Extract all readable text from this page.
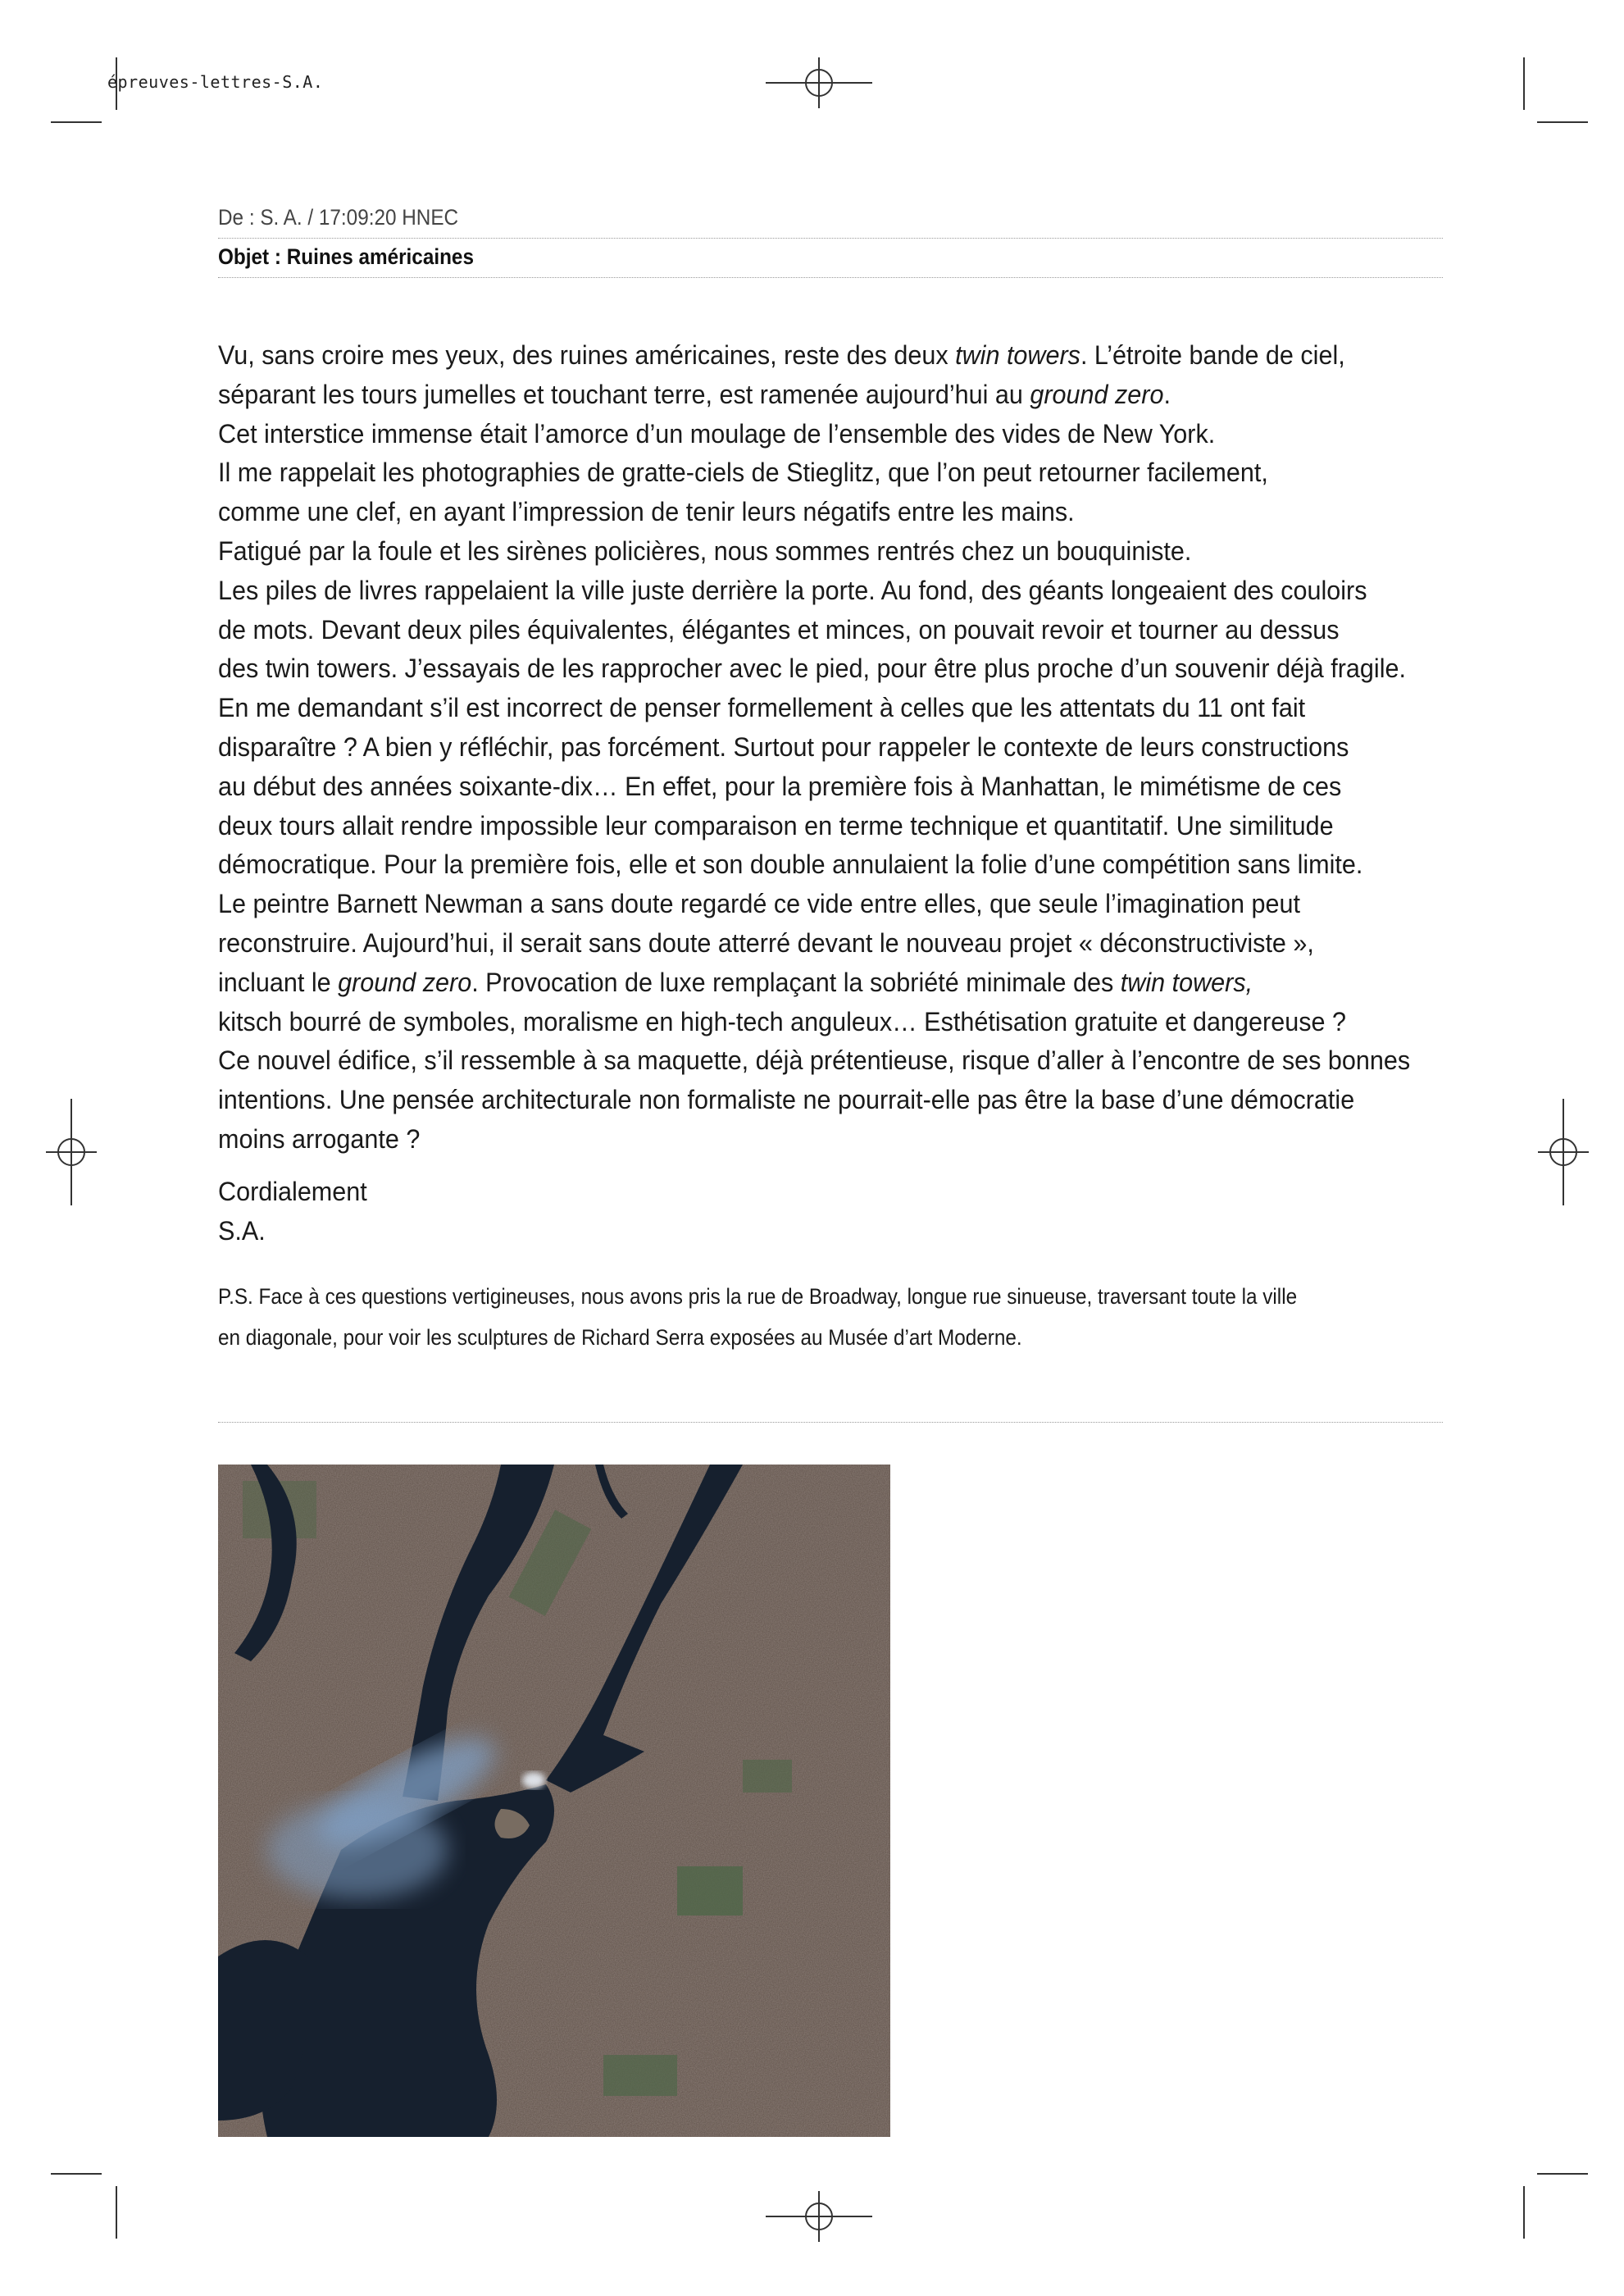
épreuves-lettres-S.A.
De : S. A. / 17:09:20 HNEC
Objet : Ruines américaines

Vu, sans croire mes yeux, des ruines américaines, reste des deux twin towers. L’étroite bande de ciel,

séparant les tours jumelles et touchant terre, est ramenée aujourd’hui au ground zero.

Cet interstice immense était l’amorce d’un moulage de l’ensemble des vides de New York.

Il me rappelait les photographies de gratte-ciels de Stieglitz, que l’on peut retourner facilement,

comme une clef, en ayant l’impression de tenir leurs négatifs entre les mains.

Fatigué par la foule et les sirènes policières, nous sommes rentrés chez un bouquiniste.

Les piles de livres rappelaient la ville juste derrière la porte. Au fond, des géants longeaient des couloirs

de mots. Devant deux piles équivalentes, élégantes et minces, on pouvait revoir et tourner au dessus

des twin towers. J’essayais de les rapprocher avec le pied, pour être plus proche d’un souvenir déjà fragile.

En me demandant s’il est incorrect de penser formellement à celles que les attentats du 11 ont fait

disparaître ? A bien y réfléchir, pas forcément. Surtout pour rappeler le contexte de leurs constructions

au début des années soixante-dix… En effet, pour la première fois à Manhattan, le mimétisme de ces

deux tours allait rendre impossible leur comparaison en terme technique et quantitatif. Une similitude

démocratique. Pour la première fois, elle et son double annulaient la folie d’une compétition sans limite.

Le peintre Barnett Newman a sans doute regardé ce vide entre elles, que seule l’imagination peut

reconstruire. Aujourd’hui, il serait sans doute atterré devant le nouveau projet « déconstructiviste »,

incluant le ground zero. Provocation de luxe remplaçant la sobriété minimale des twin towers,

kitsch bourré de symboles, moralisme en high-tech anguleux… Esthétisation gratuite et dangereuse ?

Ce nouvel édifice, s’il ressemble à sa maquette, déjà prétentieuse, risque d’aller à l’encontre de ses bonnes

intentions. Une pensée architecturale non formaliste ne pourrait-elle pas être la base d’une démocratie

moins arrogante ?

Cordialement
S.A.
P.S. Face à ces questions vertigineuses, nous avons pris la rue de Broadway, longue rue sinueuse, traversant toute la ville
en diagonale, pour voir les sculptures de Richard Serra exposées au Musée d’art Moderne.
